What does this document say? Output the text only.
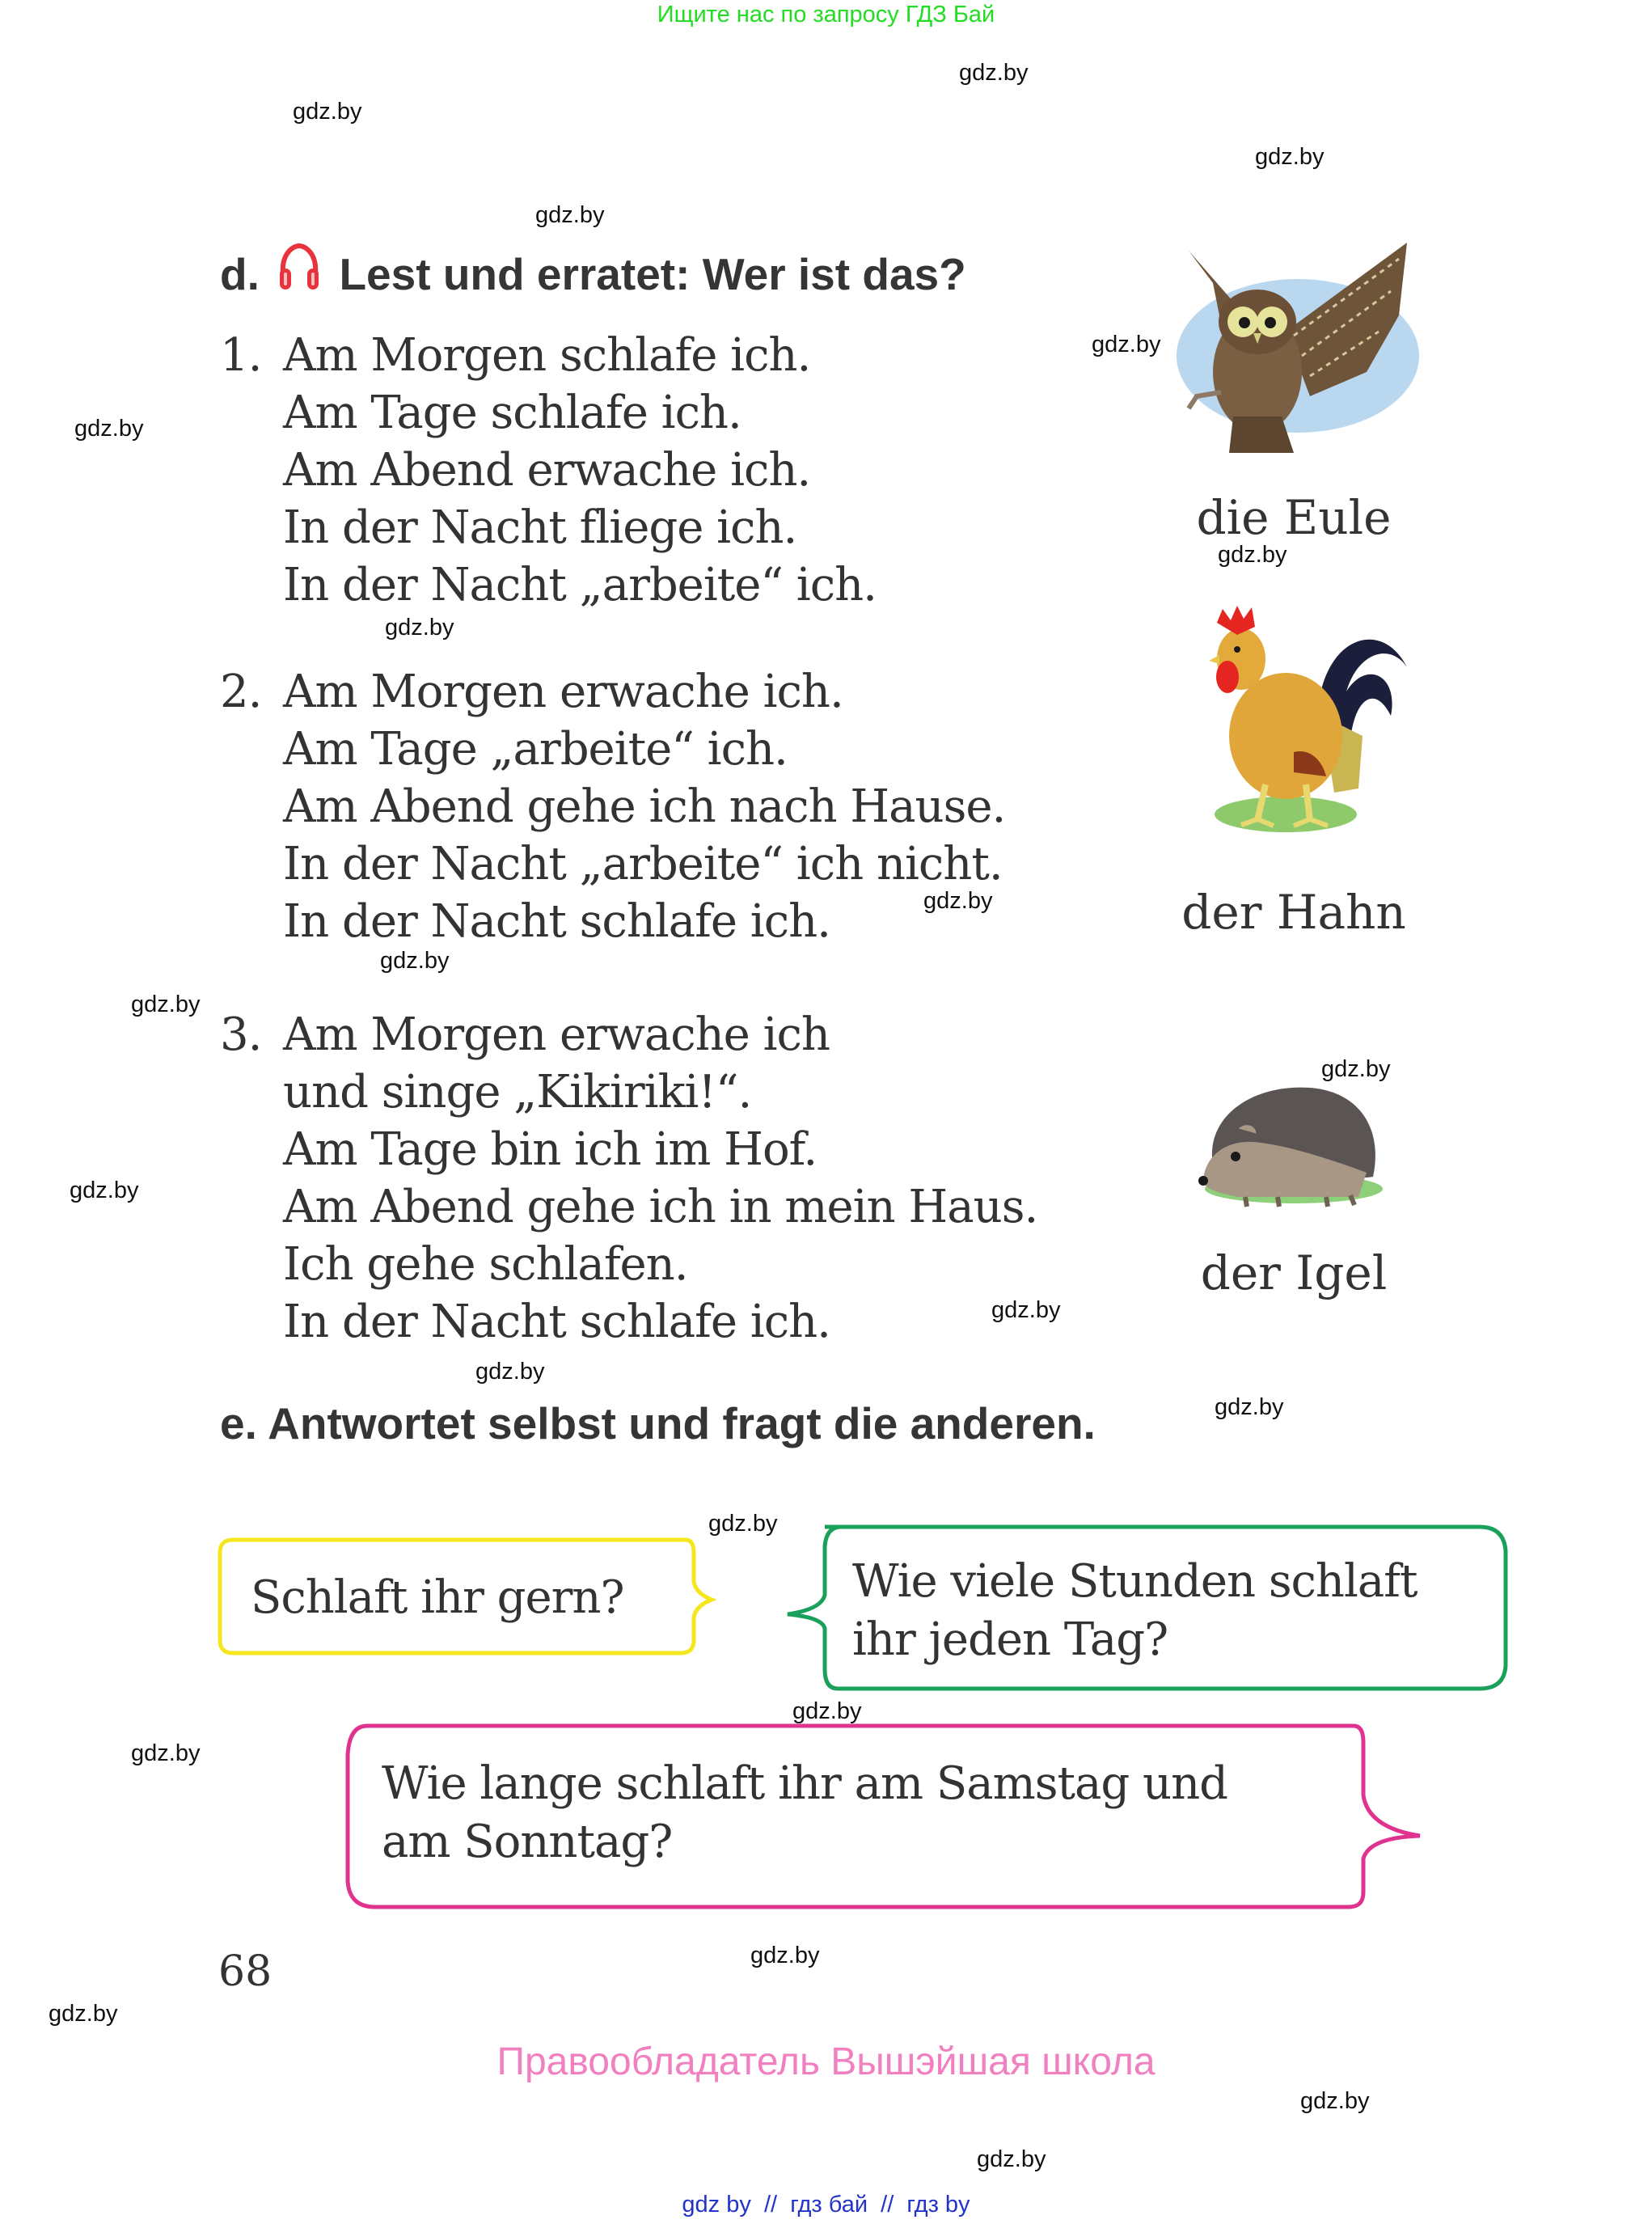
Ищите нас по запросу ГДЗ Бай
gdz.by
gdz.by
gdz.by
gdz.by
gdz.by
gdz.by
gdz.by
gdz.by
gdz.by
gdz.by
gdz.by
gdz.by
gdz.by
gdz.by
gdz.by
gdz.by
gdz.by
gdz.by
gdz.by
gdz.by
gdz.by
gdz.by
gdz.by
d. Lest und erratet: Wer ist das?
1. Am Morgen schlafe ich.
Am Tage schlafe ich.
Am Abend erwache ich.
In der Nacht fliege ich.
In der Nacht „arbeite“ ich.
2. Am Morgen erwache ich.
Am Tage „arbeite“ ich.
Am Abend gehe ich nach Hause.
In der Nacht „arbeite“ ich nicht.
In der Nacht schlafe ich.
3. Am Morgen erwache ich
und singe „Kikiriki!“.
Am Tage bin ich im Hof.
Am Abend gehe ich in mein Haus.
Ich gehe schlafen.
In der Nacht schlafe ich.
die Eule
der Hahn
der Igel
e. Antwortet selbst und fragt die anderen.
Schlaft ihr gern?	Wie viele Stunden schlaft
ihr jeden Tag?
Wie lange schlaft ihr am Samstag und
am Sonntag?
68
Правообладатель Вышэйшая школа
gdz by  //  гдз бай  //  гдз by
